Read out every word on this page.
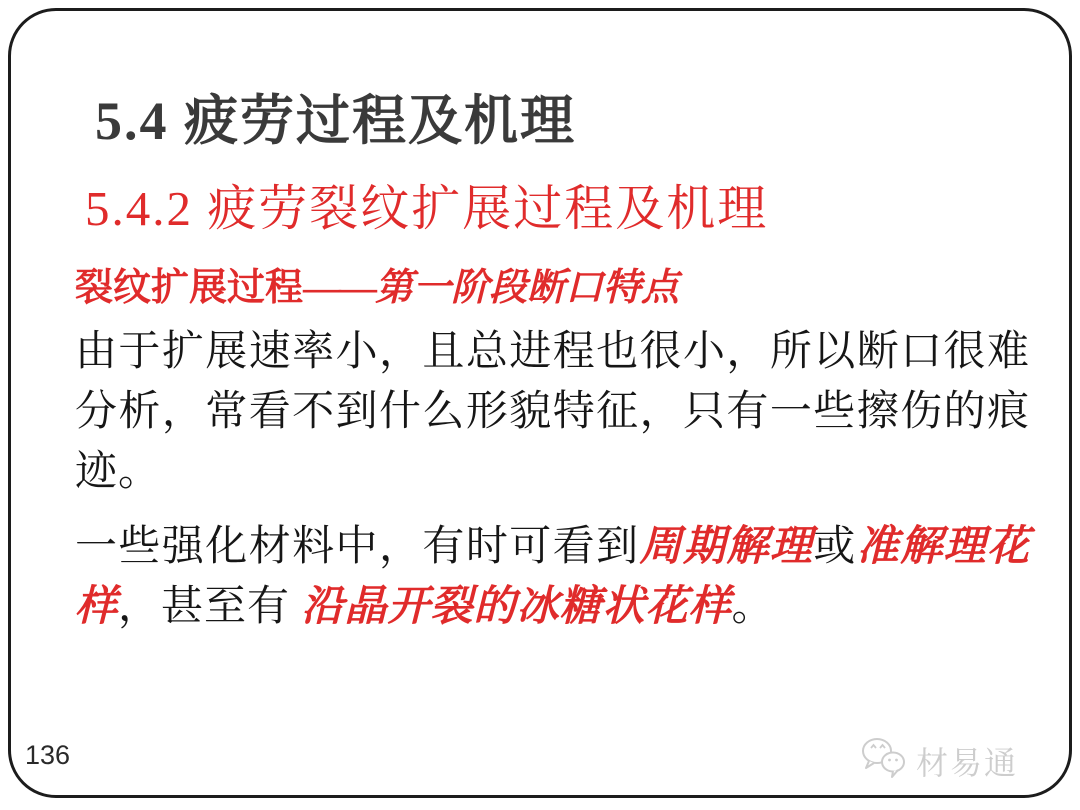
5.4 疲劳过程及机理
5.4.2 疲劳裂纹扩展过程及机理
裂纹扩展过程——第一阶段断口特点

由于扩展速率小，且总进程也很小，所以断口很难分析，常看不到什么形貌特征，只有一些擦伤的痕迹。

一些强化材料中，有时可看到周期解理或准解理花样，甚至有 沿晶开裂的冰糖状花样。

136	材易通
